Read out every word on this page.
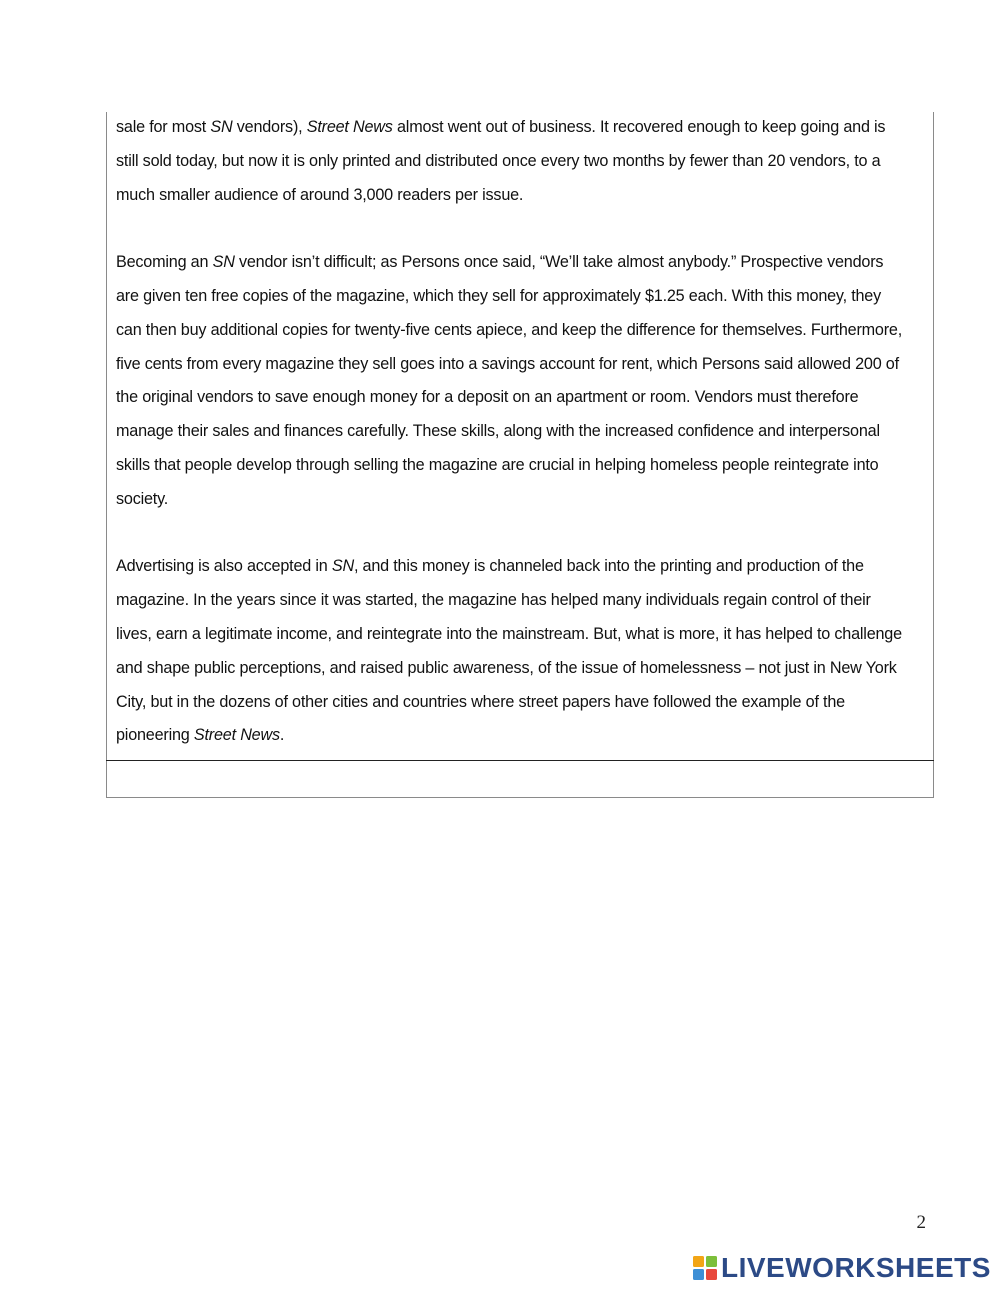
sale for most SN vendors), Street News almost went out of business. It recovered enough to keep going and is
still sold today, but now it is only printed and distributed once every two months by fewer than 20 vendors, to a
much smaller audience of around 3,000 readers per issue.
Becoming an SN vendor isn’t difficult; as Persons once said, “We’ll take almost anybody.” Prospective vendors
are given ten free copies of the magazine, which they sell for approximately $1.25 each. With this money, they
can then buy additional copies for twenty-five cents apiece, and keep the difference for themselves. Furthermore,
five cents from every magazine they sell goes into a savings account for rent, which Persons said allowed 200 of
the original vendors to save enough money for a deposit on an apartment or room. Vendors must therefore
manage their sales and finances carefully. These skills, along with the increased confidence and interpersonal
skills that people develop through selling the magazine are crucial in helping homeless people reintegrate into
society.
Advertising is also accepted in SN, and this money is channeled back into the printing and production of the
magazine. In the years since it was started, the magazine has helped many individuals regain control of their
lives, earn a legitimate income, and reintegrate into the mainstream. But, what is more, it has helped to challenge
and shape public perceptions, and raised public awareness, of the issue of homelessness – not just in New York
City, but in the dozens of other cities and countries where street papers have followed the example of the
pioneering Street News.
2
LIVEWORKSHEETS
